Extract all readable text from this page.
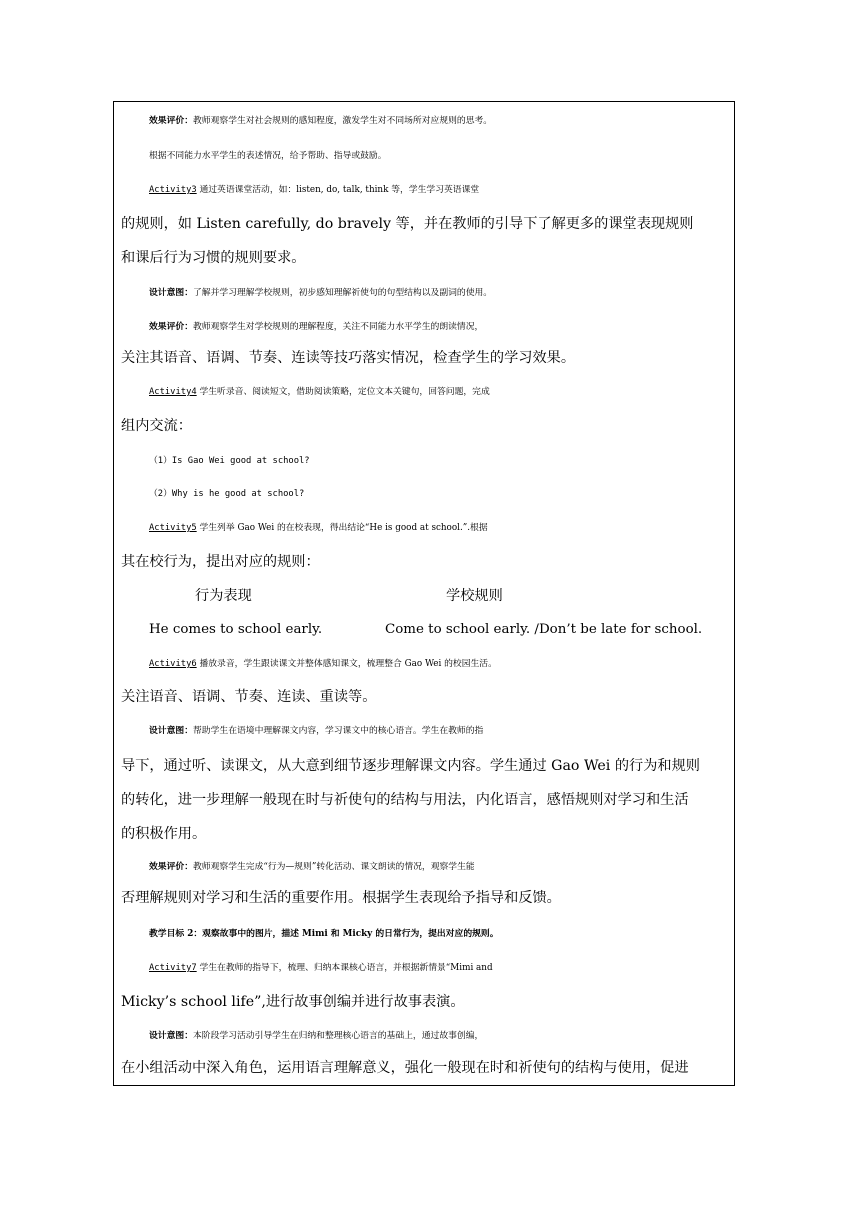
效果评价：教师观察学生对社会规则的感知程度，激发学生对不同场所对应规则的思考。
根据不同能力水平学生的表述情况，给予帮助、指导或鼓励。
Activity3 通过英语课堂活动，如：listen, do, talk, think 等，学生学习英语课堂
的规则，如 Listen carefully, do bravely 等，并在教师的引导下了解更多的课堂表现规则
和课后行为习惯的规则要求。
设计意图：了解并学习理解学校规则，初步感知理解祈使句的句型结构以及副词的使用。
效果评价：教师观察学生对学校规则的理解程度，关注不同能力水平学生的朗读情况，
关注其语音、语调、节奏、连读等技巧落实情况，检查学生的学习效果。
Activity4 学生听录音、阅读短文，借助阅读策略，定位文本关键句，回答问题，完成
组内交流：
（1）Is Gao Wei good at school?
（2）Why is he good at school?
Activity5 学生列举 Gao Wei 的在校表现，得出结论“He is good at school.”.根据
其在校行为，提出对应的规则：
行为表现	学校规则
He comes to school early.	Come to school early. /Don’t be late for school.
Activity6 播放录音，学生跟读课文并整体感知课文，梳理整合 Gao Wei 的校园生活。
关注语音、语调、节奏、连读、重读等。
设计意图：帮助学生在语境中理解课文内容，学习课文中的核心语言。学生在教师的指
导下，通过听、读课文，从大意到细节逐步理解课文内容。学生通过 Gao Wei 的行为和规则
的转化，进一步理解一般现在时与祈使句的结构与用法，内化语言，感悟规则对学习和生活
的积极作用。
效果评价：教师观察学生完成“行为—规则”转化活动、课文朗读的情况，观察学生能
否理解规则对学习和生活的重要作用。根据学生表现给予指导和反馈。
教学目标 2：观察故事中的图片，描述 Mimi 和 Micky 的日常行为，提出对应的规则。
Activity7 学生在教师的指导下，梳理、归纳本课核心语言，并根据新情景“Mimi and
Micky’s school life”,进行故事创编并进行故事表演。
设计意图：本阶段学习活动引导学生在归纳和整理核心语言的基础上，通过故事创编，
在小组活动中深入角色，运用语言理解意义，强化一般现在时和祈使句的结构与使用，促进
